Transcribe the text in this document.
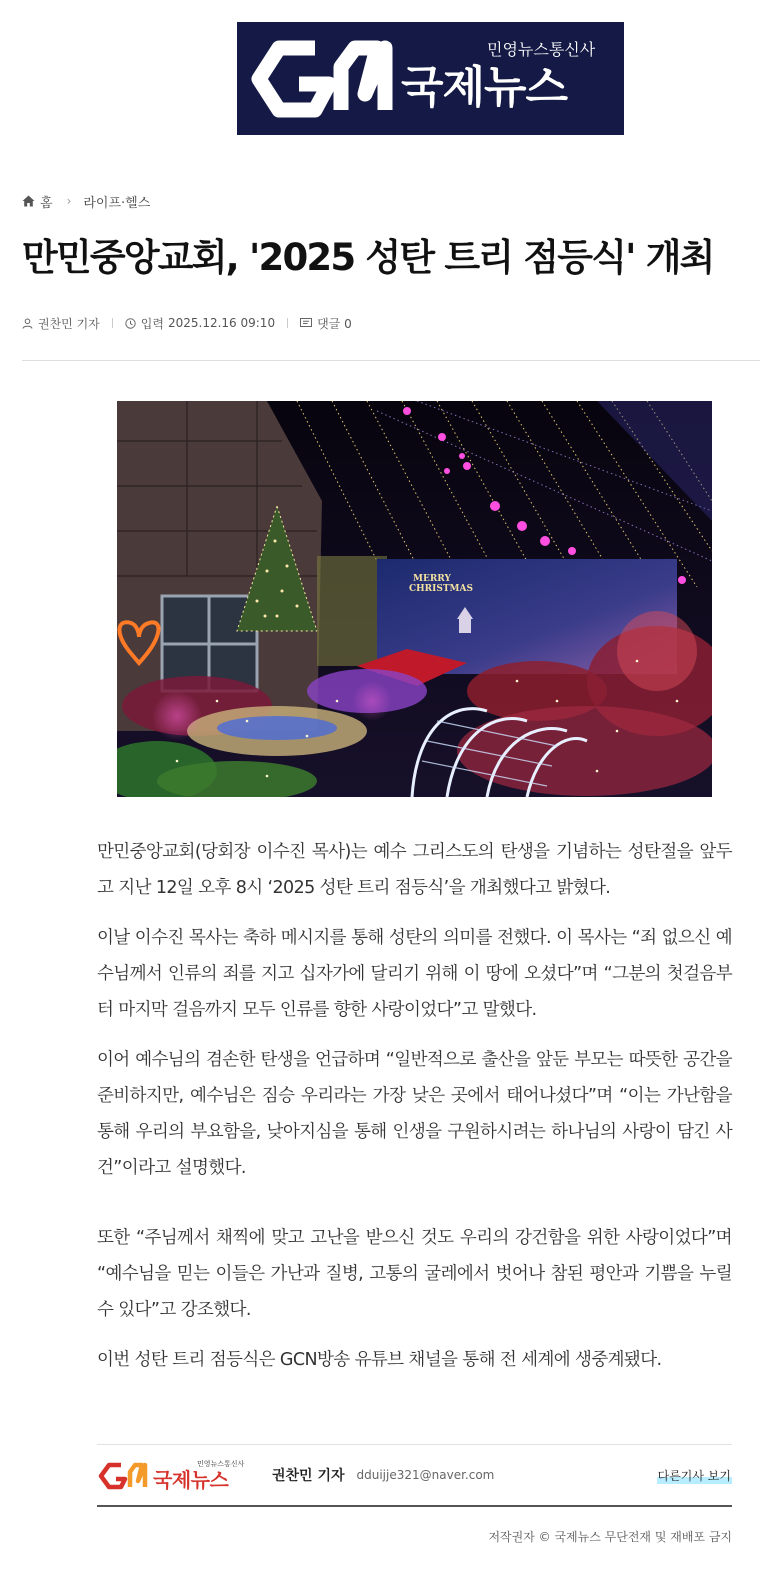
민영뉴스통신사
국제뉴스
홈 › 라이프·헬스
만민중앙교회, '2025 성탄 트리 점등식' 개최
권찬민 기자	입력 2025.12.16 09:10	댓글 0
MERRY
CHRISTMAS

만민중앙교회(당회장 이수진 목사)는 예수 그리스도의 탄생을 기념하는 성탄절을 앞두고 지난 12일 오후 8시 ‘2025 성탄 트리 점등식’을 개최했다고 밝혔다.

이날 이수진 목사는 축하 메시지를 통해 성탄의 의미를 전했다. 이 목사는 “죄 없으신 예수님께서 인류의 죄를 지고 십자가에 달리기 위해 이 땅에 오셨다”며 “그분의 첫걸음부터 마지막 걸음까지 모두 인류를 향한 사랑이었다”고 말했다.

이어 예수님의 겸손한 탄생을 언급하며 “일반적으로 출산을 앞둔 부모는 따뜻한 공간을 준비하지만, 예수님은 짐승 우리라는 가장 낮은 곳에서 태어나셨다”며 “이는 가난함을 통해 우리의 부요함을, 낮아지심을 통해 인생을 구원하시려는 하나님의 사랑이 담긴 사건”이라고 설명했다.

또한 “주님께서 채찍에 맞고 고난을 받으신 것도 우리의 강건함을 위한 사랑이었다”며 “예수님을 믿는 이들은 가난과 질병, 고통의 굴레에서 벗어나 참된 평안과 기쁨을 누릴 수 있다”고 강조했다.

이번 성탄 트리 점등식은 GCN방송 유튜브 채널을 통해 전 세계에 생중계됐다.

민영뉴스통신사
국제뉴스	권찬민 기자 dduijje321@naver.com	다른기사 보기
저작권자 © 국제뉴스 무단전재 및 재배포 금지
